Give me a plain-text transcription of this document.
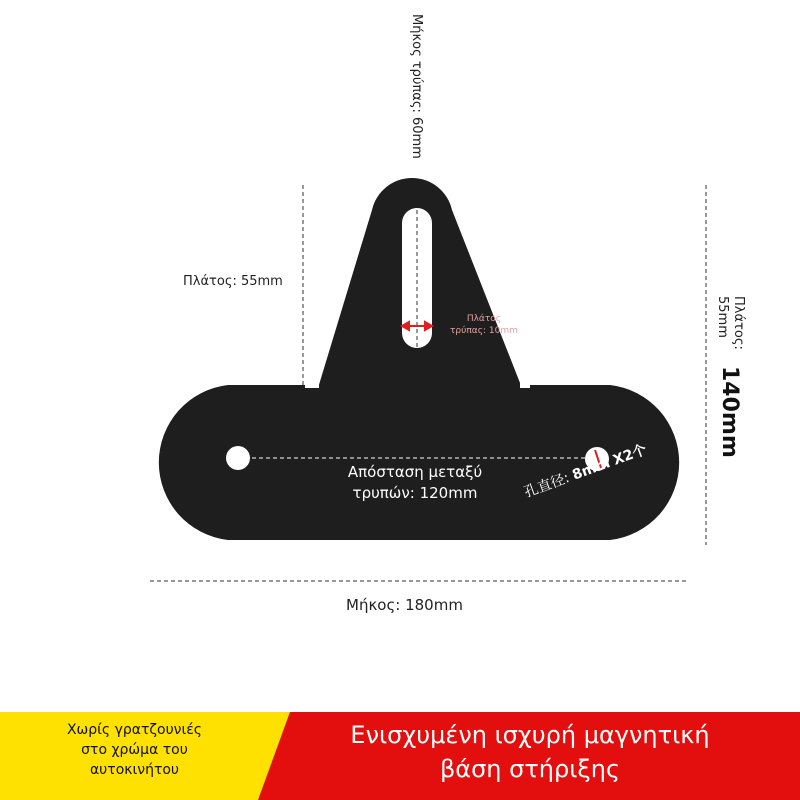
Μήκος τρύπας: 60mm
Πλάτος: 55mm
Πλάτος
τρύπας: 10mm	Πλάτος:
55mm
140mm
Απόσταση μεταξύ
τρυπών: 120mm	孔直径: 8mm X2个
Μήκος: 180mm
Χωρίς γρατζουνιές
στο χρώμα του
αυτοκινήτου
Ενισχυμένη ισχυρή μαγνητική
βάση στήριξης
